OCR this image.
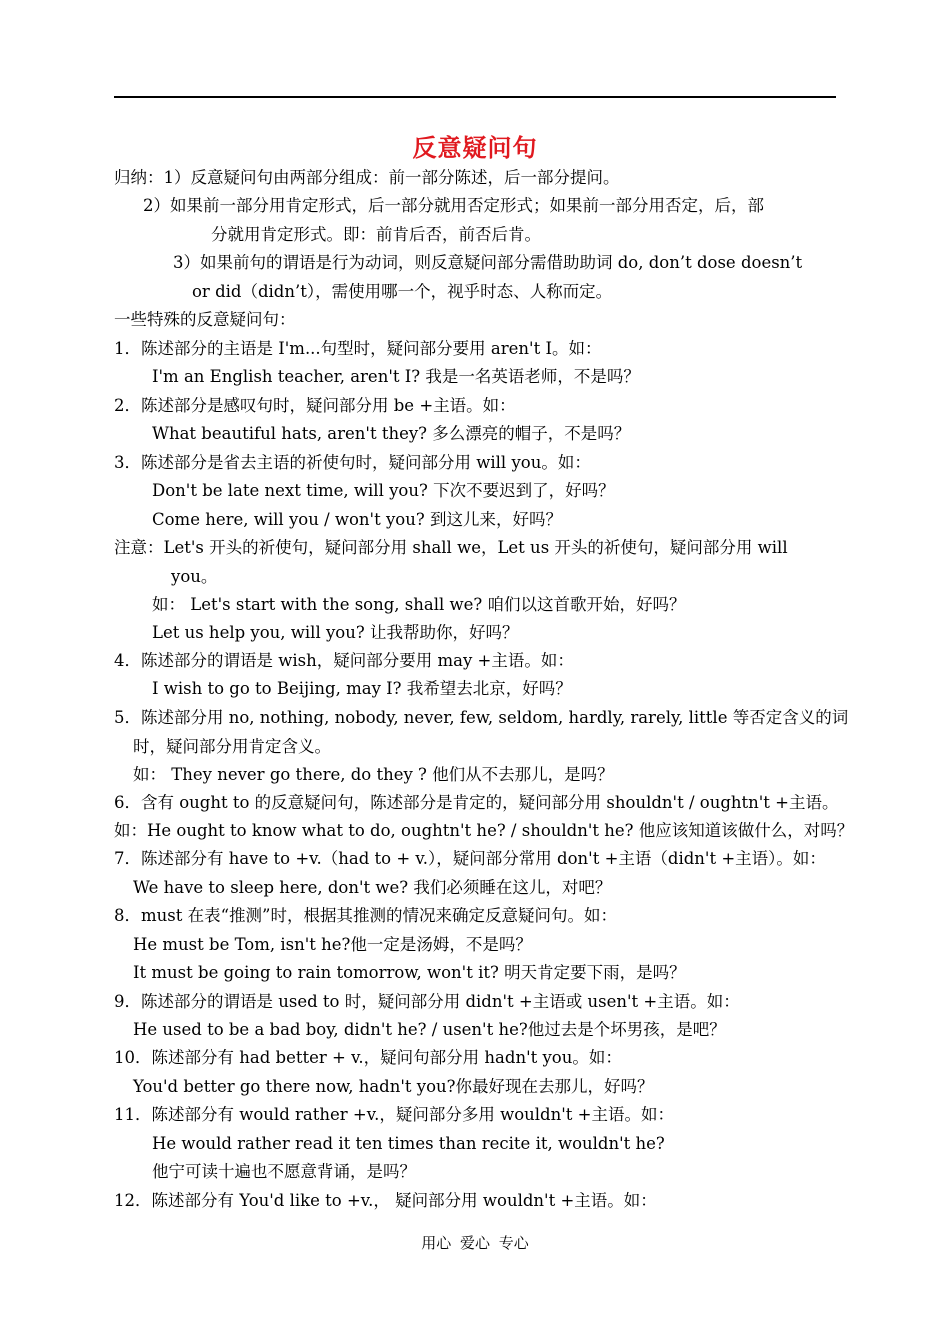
反意疑问句
归纳：1）反意疑问句由两部分组成：前一部分陈述，后一部分提问。
2）如果前一部分用肯定形式，后一部分就用否定形式；如果前一部分用否定，后，部
分就用肯定形式。即：前肯后否，前否后肯。
3）如果前句的谓语是行为动词，则反意疑问部分需借助助词 do, don’t dose doesn’t
or did（didn’t），需使用哪一个，视乎时态、人称而定。
一些特殊的反意疑问句：
1．陈述部分的主语是 I'm...句型时，疑问部分要用 aren't I。如：
I'm an English teacher, aren't I? 我是一名英语老师，不是吗？
2．陈述部分是感叹句时，疑问部分用 be +主语。如：
What beautiful hats, aren't they? 多么漂亮的帽子，不是吗？
3．陈述部分是省去主语的祈使句时，疑问部分用 will you。如：
Don't be late next time, will you? 下次不要迟到了，好吗？
Come here, will you / won't you? 到这儿来，好吗？
注意：Let's 开头的祈使句，疑问部分用 shall we，Let us 开头的祈使句，疑问部分用 will
you。
如： Let's start with the song, shall we? 咱们以这首歌开始，好吗？
Let us help you, will you? 让我帮助你，好吗？
4．陈述部分的谓语是 wish，疑问部分要用 may +主语。如：
I wish to go to Beijing, may I? 我希望去北京，好吗？
5．陈述部分用 no, nothing, nobody, never, few, seldom, hardly, rarely, little 等否定含义的词
时，疑问部分用肯定含义。
如： They never go there, do they ? 他们从不去那儿，是吗？
6．含有 ought to 的反意疑问句，陈述部分是肯定的，疑问部分用 shouldn't / oughtn't +主语。
如：He ought to know what to do, oughtn't he? / shouldn't he? 他应该知道该做什么，对吗？
7．陈述部分有 have to +v.（had to + v.），疑问部分常用 don't +主语（didn't +主语）。如：
We have to sleep here, don't we? 我们必须睡在这儿，对吧？
8．must 在表“推测”时，根据其推测的情况来确定反意疑问句。如：
He must be Tom, isn't he?他一定是汤姆，不是吗？
It must be going to rain tomorrow, won't it? 明天肯定要下雨，是吗？
9．陈述部分的谓语是 used to 时，疑问部分用 didn't +主语或 usen't +主语。如：
He used to be a bad boy, didn't he? / usen't he?他过去是个坏男孩，是吧？
10．陈述部分有 had better + v.，疑问句部分用 hadn't you。如：
You'd better go there now, hadn't you?你最好现在去那儿，好吗？
11．陈述部分有 would rather +v.，疑问部分多用 wouldn't +主语。如：
He would rather read it ten times than recite it, wouldn't he?
他宁可读十遍也不愿意背诵，是吗？
12．陈述部分有 You'd like to +v.， 疑问部分用 wouldn't +主语。如：
用心 爱心 专心
